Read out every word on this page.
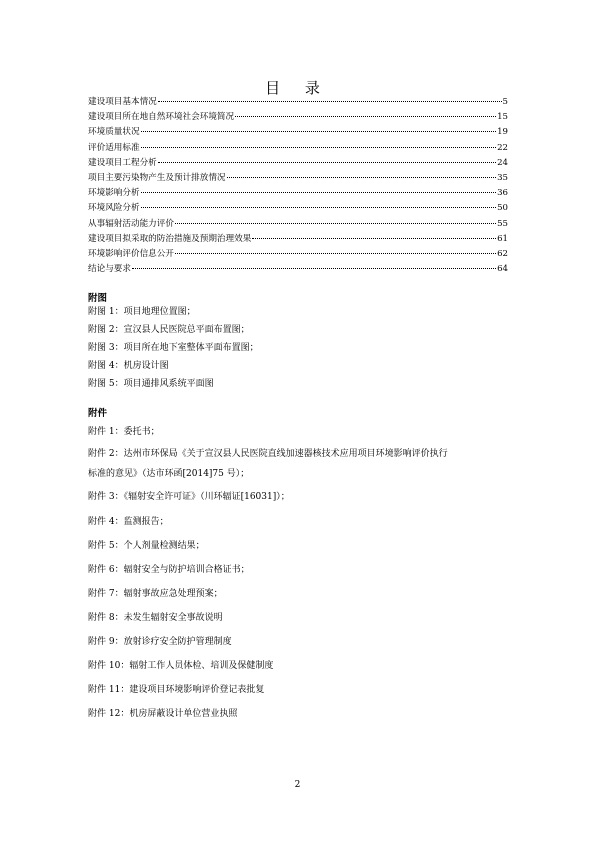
目 录
建设项目基本情况	5
建设项目所在地自然环境社会环境简况	15
环境质量状况	19
评价适用标准	22
建设项目工程分析	24
项目主要污染物产生及预计排放情况	35
环境影响分析	36
环境风险分析	50
从事辐射活动能力评价	55
建设项目拟采取的防治措施及预期治理效果	61
环境影响评价信息公开	62
结论与要求	64
附图
附图 1：项目地理位置图；
附图 2：宣汉县人民医院总平面布置图；
附图 3：项目所在地下室整体平面布置图；
附图 4：机房设计图
附图 5：项目通排风系统平面图
附件
附件 1：委托书；
附件 2：达州市环保局《关于宣汉县人民医院直线加速器核技术应用项目环境影响评价执行
标准的意见》（达市环函[2014]75 号）；
附件 3：《辐射安全许可证》（川环辐证[16031]）；
附件 4：监测报告；
附件 5：个人剂量检测结果；
附件 6：辐射安全与防护培训合格证书；
附件 7：辐射事故应急处理预案；
附件 8：未发生辐射安全事故说明
附件 9：放射诊疗安全防护管理制度
附件 10：辐射工作人员体检、培训及保健制度
附件 11：建设项目环境影响评价登记表批复
附件 12：机房屏蔽设计单位营业执照
2
